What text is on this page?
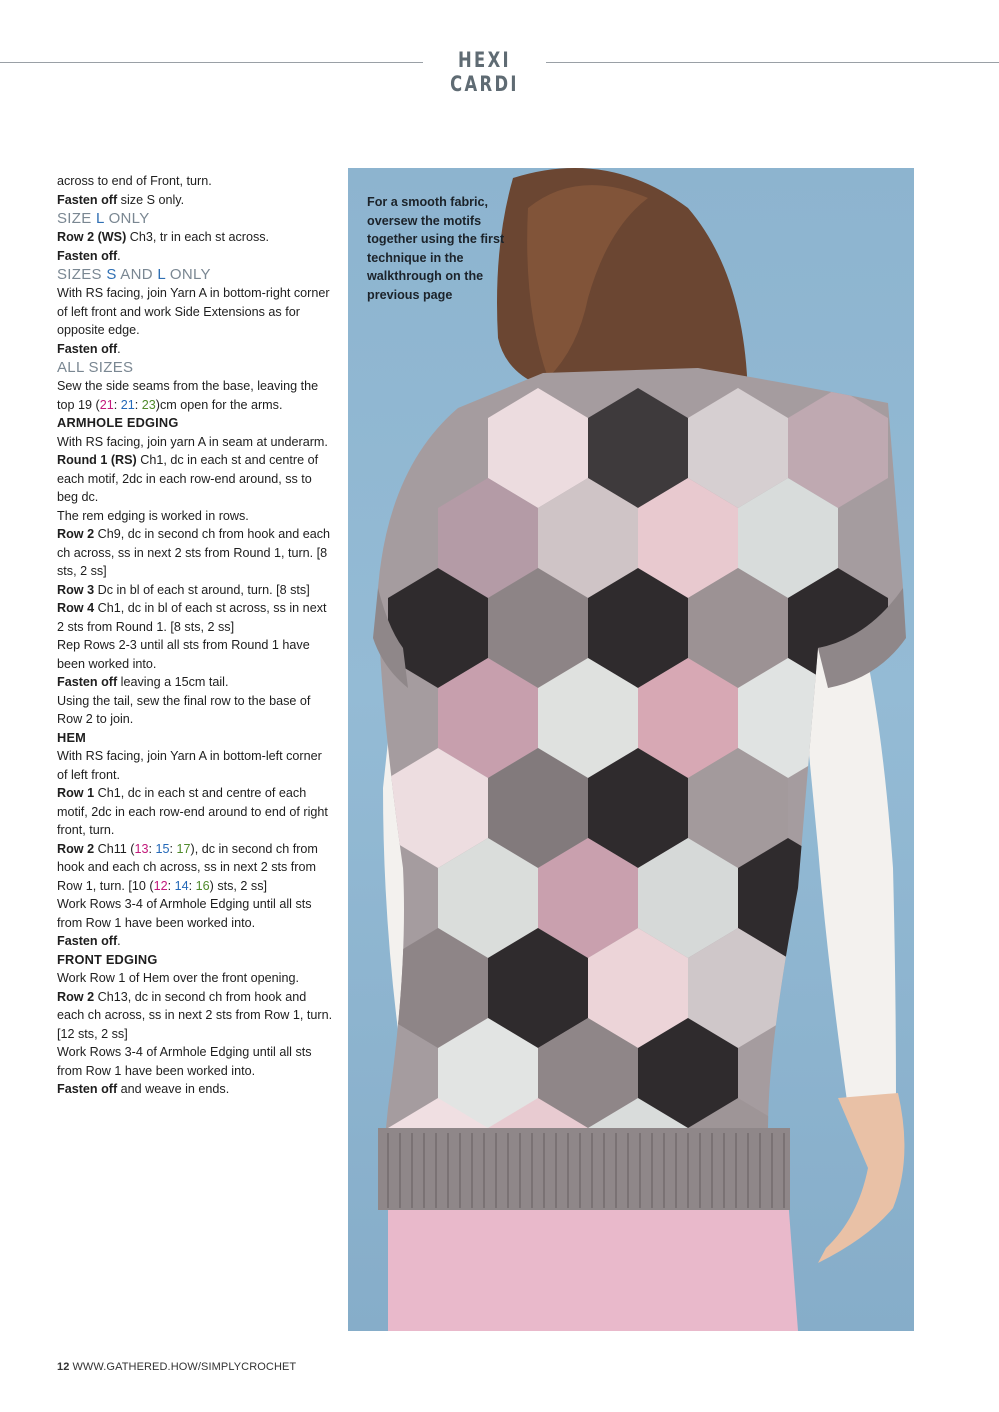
HEXI CARDI

across to end of Front, turn.

Fasten off size S only.

SIZE L ONLY

Row 2 (WS) Ch3, tr in each st across.

Fasten off.

SIZES S AND L ONLY

With RS facing, join Yarn A in bottom-right corner of left front and work Side Extensions as for opposite edge.

Fasten off.

ALL SIZES

Sew the side seams from the base, leaving the top 19 (21: 21: 23)cm open for the arms.

ARMHOLE EDGING

With RS facing, join yarn A in seam at underarm.

Round 1 (RS) Ch1, dc in each st and centre of each motif, 2dc in each row-end around, ss to beg dc.

The rem edging is worked in rows.

Row 2 Ch9, dc in second ch from hook and each ch across, ss in next 2 sts from Round 1, turn. [8 sts, 2 ss]

Row 3 Dc in bl of each st around, turn. [8 sts]

Row 4 Ch1, dc in bl of each st across, ss in next 2 sts from Round 1. [8 sts, 2 ss]

Rep Rows 2-3 until all sts from Round 1 have been worked into.

Fasten off leaving a 15cm tail.

Using the tail, sew the final row to the base of Row 2 to join.

HEM

With RS facing, join Yarn A in bottom-left corner of left front.

Row 1 Ch1, dc in each st and centre of each motif, 2dc in each row-end around to end of right front, turn.

Row 2 Ch11 (13: 15: 17), dc in second ch from hook and each ch across, ss in next 2 sts from Row 1, turn. [10 (12: 14: 16) sts, 2 ss]

Work Rows 3-4 of Armhole Edging until all sts from Row 1 have been worked into.

Fasten off.

FRONT EDGING

Work Row 1 of Hem over the front opening.

Row 2 Ch13, dc in second ch from hook and each ch across, ss in next 2 sts from Row 1, turn. [12 sts, 2 ss]

Work Rows 3-4 of Armhole Edging until all sts from Row 1 have been worked into.

Fasten off and weave in ends.

For a smooth fabric, oversew the motifs together using the first technique in the walkthrough on the previous page
12 WWW.GATHERED.HOW/SIMPLYCROCHET
